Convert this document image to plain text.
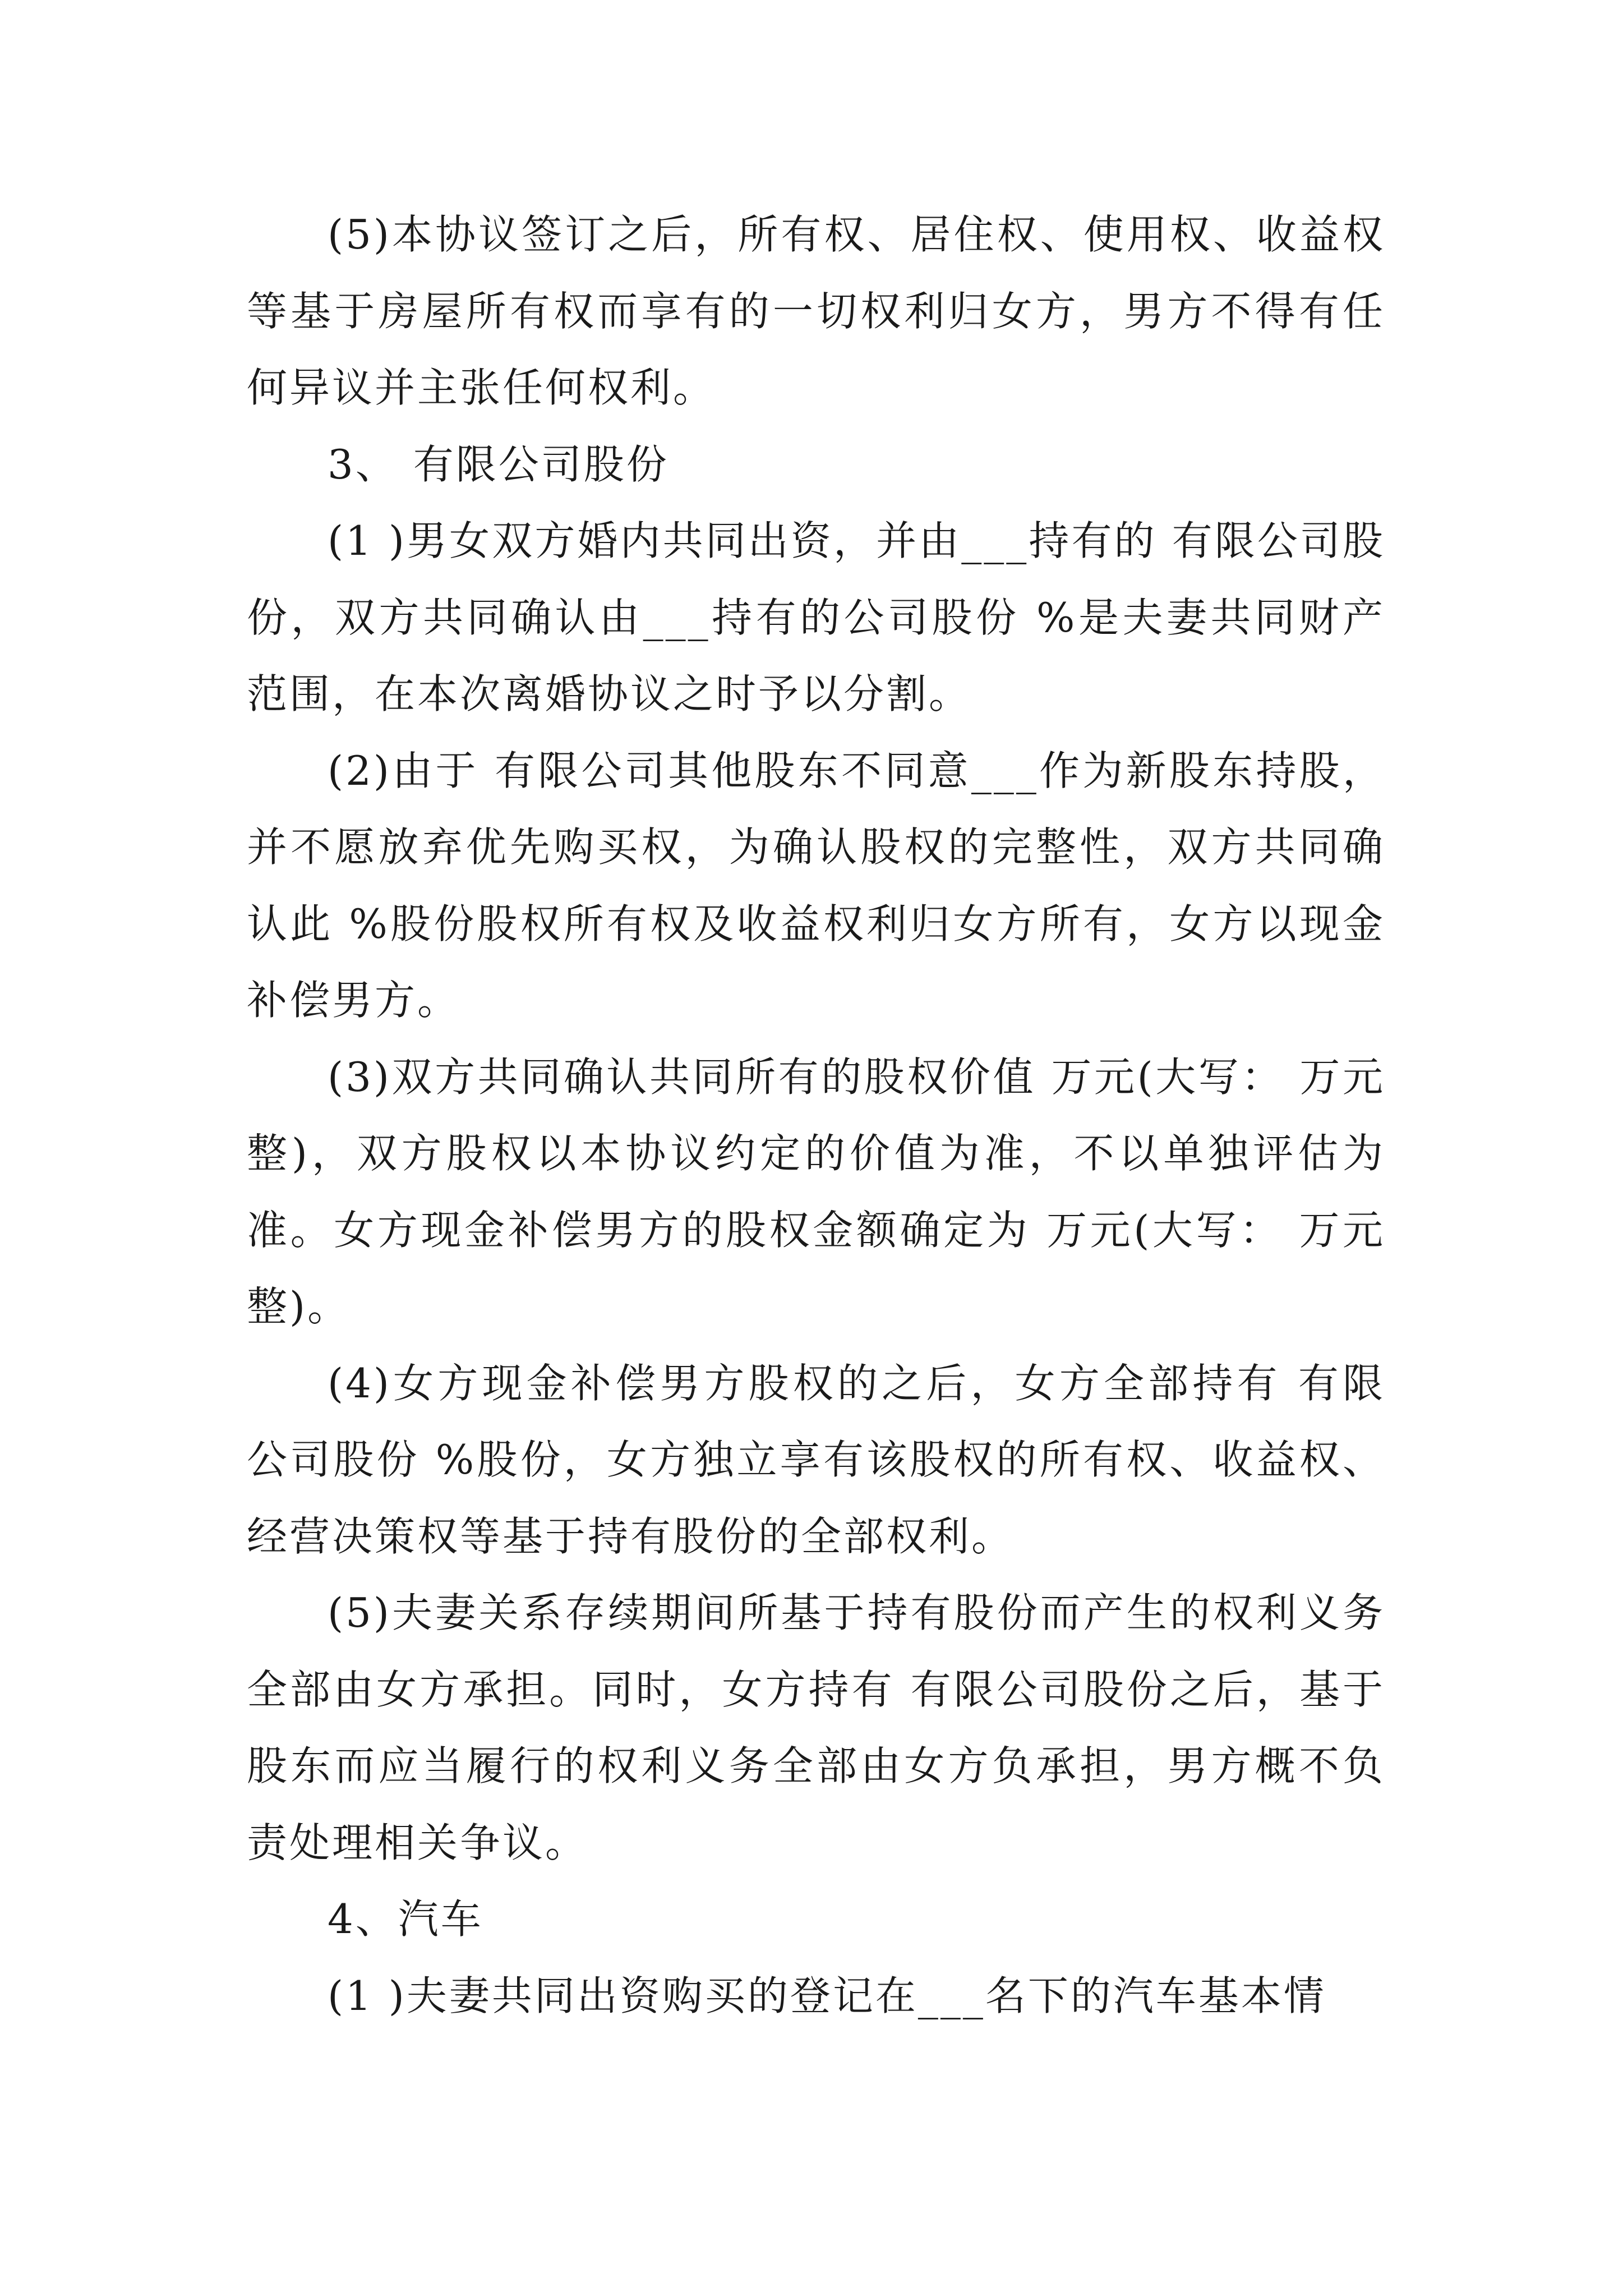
(5)本协议签订之后，所有权、居住权、使用权、收益权等基于房屋所有权而享有的一切权利归女方，男方不得有任何异议并主张任何权利。

3、 有限公司股份

(1 )男女双方婚内共同出资，并由___持有的 有限公司股份，双方共同确认由___持有的公司股份 %是夫妻共同财产范围，在本次离婚协议之时予以分割。

(2)由于 有限公司其他股东不同意___作为新股东持股，并不愿放弃优先购买权，为确认股权的完整性，双方共同确认此 %股份股权所有权及收益权利归女方所有，女方以现金补偿男方。

(3)双方共同确认共同所有的股权价值 万元(大写： 万元整)，双方股权以本协议约定的价值为准，不以单独评估为准。女方现金补偿男方的股权金额确定为 万元(大写： 万元整)。

(4)女方现金补偿男方股权的之后，女方全部持有 有限公司股份 %股份，女方独立享有该股权的所有权、收益权、经营决策权等基于持有股份的全部权利。

(5)夫妻关系存续期间所基于持有股份而产生的权利义务全部由女方承担。同时，女方持有 有限公司股份之后，基于股东而应当履行的权利义务全部由女方负承担，男方概不负责处理相关争议。

4、汽车

(1 )夫妻共同出资购买的登记在___名下的汽车基本情
